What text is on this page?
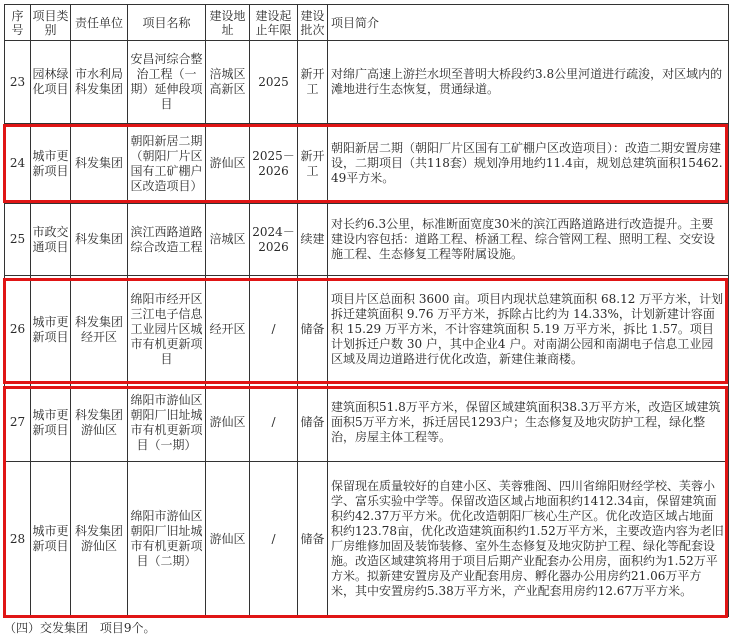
序号	项目类别	责任单位	项目名称	建设地址	建设起止年限	建设批次	项目简介
23	园林绿化项目	市水利局科发集团	安昌河综合整治工程（一期）延伸段项目	涪城区高新区	2025	新开工	对绵广高速上游拦水坝至普明大桥段约3.8公里河道进行疏浚，对区域内的滩地进行生态恢复，贯通绿道。
24	城市更新项目	科发集团	朝阳新居二期（朝阳厂片区国有工矿棚户区改造项目）	游仙区	2025－2026	新开工	朝阳新居二期（朝阳厂片区国有工矿棚户区改造项目）：改造二期安置房建设，二期项目（共118套）规划净用地约11.4亩，规划总建筑面积15462.49平方米。
25	市政交通项目	科发集团	滨江西路道路综合改造工程	涪城区	2024－2026	续建	对长约6.3公里，标准断面宽度30米的滨江西路道路进行改造提升。主要建设内容包括：道路工程、桥涵工程、综合管网工程、照明工程、交安设施工程、生态修复工程等附属设施。
26	城市更新项目	科发集团经开区	绵阳市经开区三江电子信息工业园片区城市有机更新项目	经开区	/	储备	项目片区总面积 3600 亩。项目内现状总建筑面积 68.12 万平方米，计划拆迁建筑面积 9.76 万平方米，拆除占比约为 14.33%，计划新建计容面积 15.29 万平方米，不计容建筑面积 5.19 万平方米，拆比 1.57。项目计划拆迁户数 30 户，其中企业4 户。对南湖公园和南湖电子信息工业园区域及周边道路进行优化改造，新建住兼商楼。
27	城市更新项目	科发集团游仙区	绵阳市游仙区朝阳厂旧址城市有机更新项目（一期）	游仙区	/	储备	建筑面积51.8万平方米，保留区域建筑面积38.3万平方米，改造区域建筑面积5万平方米，拆迁居民1293户；生态修复及地灾防护工程，绿化整治，房屋主体工程等。
28	城市更新项目	科发集团游仙区	绵阳市游仙区朝阳厂旧址城市有机更新项目（二期）	游仙区	/	储备	保留现在质量较好的自建小区、芙蓉雅阁、四川省绵阳财经学校、芙蓉小学、富乐实验中学等。保留改造区域占地面积约1412.34亩，保留建筑面积约42.37万平方米。优化改造朝阳厂核心生产区。优化改造区域占地面积约123.78亩，优化改造建筑面积约1.52万平方米，主要改造内容为老旧厂房维修加固及装饰装修、室外生态修复及地灾防护工程、绿化等配套设施。改造区域建筑将用于项目后期产业配套办公用房，面积约为1.52万平方米。拟新建安置房及产业配套用房、孵化器办公用房约21.06万平方米，其中安置房约5.38万平方米，产业配套用房约12.67万平方米。
（四）交发集团 项目9个。
